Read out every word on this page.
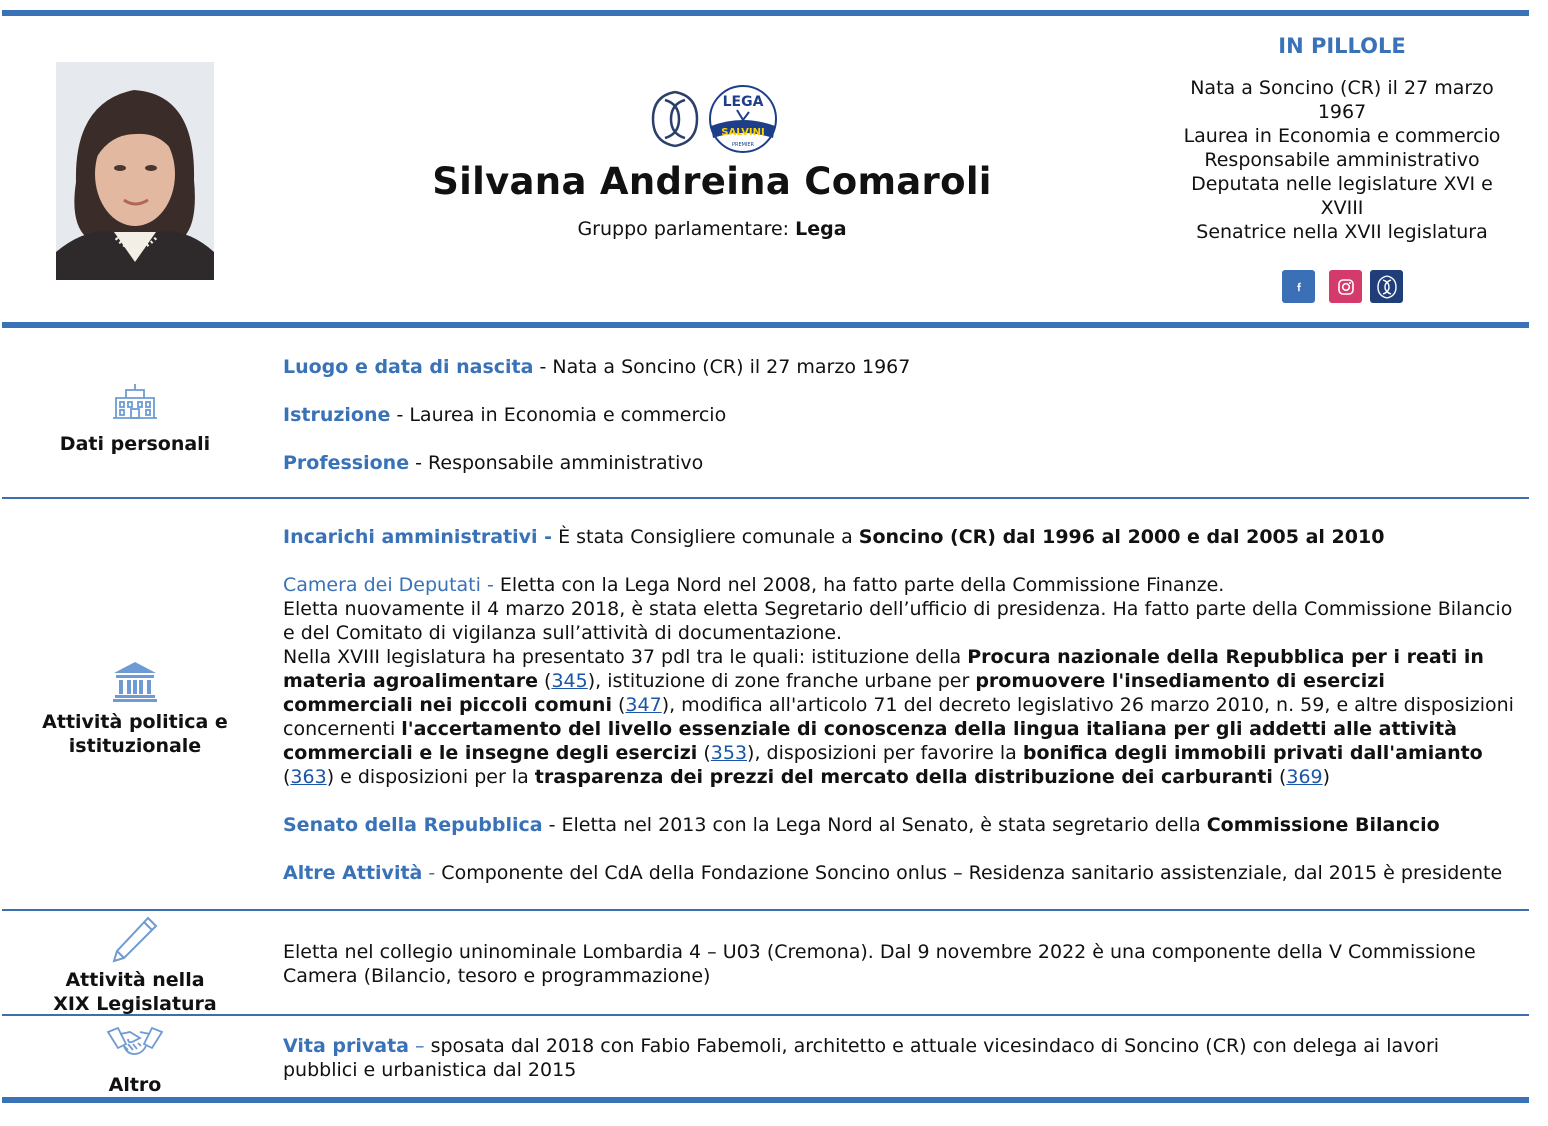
LEGA
SALVINI
PREMIER
Silvana Andreina Comaroli
Gruppo parlamentare: Lega
IN PILLOLE
Nata a Soncino (CR) il 27 marzo
1967
Laurea in Economia e commercio
Responsabile amministrativo
Deputata nelle legislature XVI e
XVIII
Senatrice nella XVII legislatura
Dati personali

Luogo e data di nascita - Nata a Soncino (CR) il 27 marzo 1967

Istruzione - Laurea in Economia e commercio

Professione - Responsabile amministrativo

Attività politica e
istituzionale

Incarichi amministrativi - È stata Consigliere comunale a Soncino (CR) dal 1996 al 2000 e dal 2005 al 2010

Camera dei Deputati - Eletta con la Lega Nord nel 2008, ha fatto parte della Commissione Finanze.

Eletta nuovamente il 4 marzo 2018, è stata eletta Segretario dell’ufficio di presidenza. Ha fatto parte della Commissione Bilancio e del Comitato di vigilanza sull’attività di documentazione.

Nella XVIII legislatura ha presentato 37 pdl tra le quali: istituzione della Procura nazionale della Repubblica per i reati in materia agroalimentare (345), istituzione di zone franche urbane per promuovere l'insediamento di esercizi commerciali nei piccoli comuni (347), modifica all'articolo 71 del decreto legislativo 26 marzo 2010, n. 59, e altre disposizioni concernenti l'accertamento del livello essenziale di conoscenza della lingua italiana per gli addetti alle attività commerciali e le insegne degli esercizi (353), disposizioni per favorire la bonifica degli immobili privati dall'amianto (363) e disposizioni per la trasparenza dei prezzi del mercato della distribuzione dei carburanti (369)

Senato della Repubblica - Eletta nel 2013 con la Lega Nord al Senato, è stata segretario della Commissione Bilancio

Altre Attività - Componente del CdA della Fondazione Soncino onlus – Residenza sanitario assistenziale, dal 2015 è presidente

Attività nella
XIX Legislatura
Eletta nel collegio uninominale Lombardia 4 – U03 (Cremona). Dal 9 novembre 2022 è una componente della V Commissione Camera (Bilancio, tesoro e programmazione)
Altro

Vita privata – sposata dal 2018 con Fabio Fabemoli, architetto e attuale vicesindaco di Soncino (CR) con delega ai lavori pubblici e urbanistica dal 2015
